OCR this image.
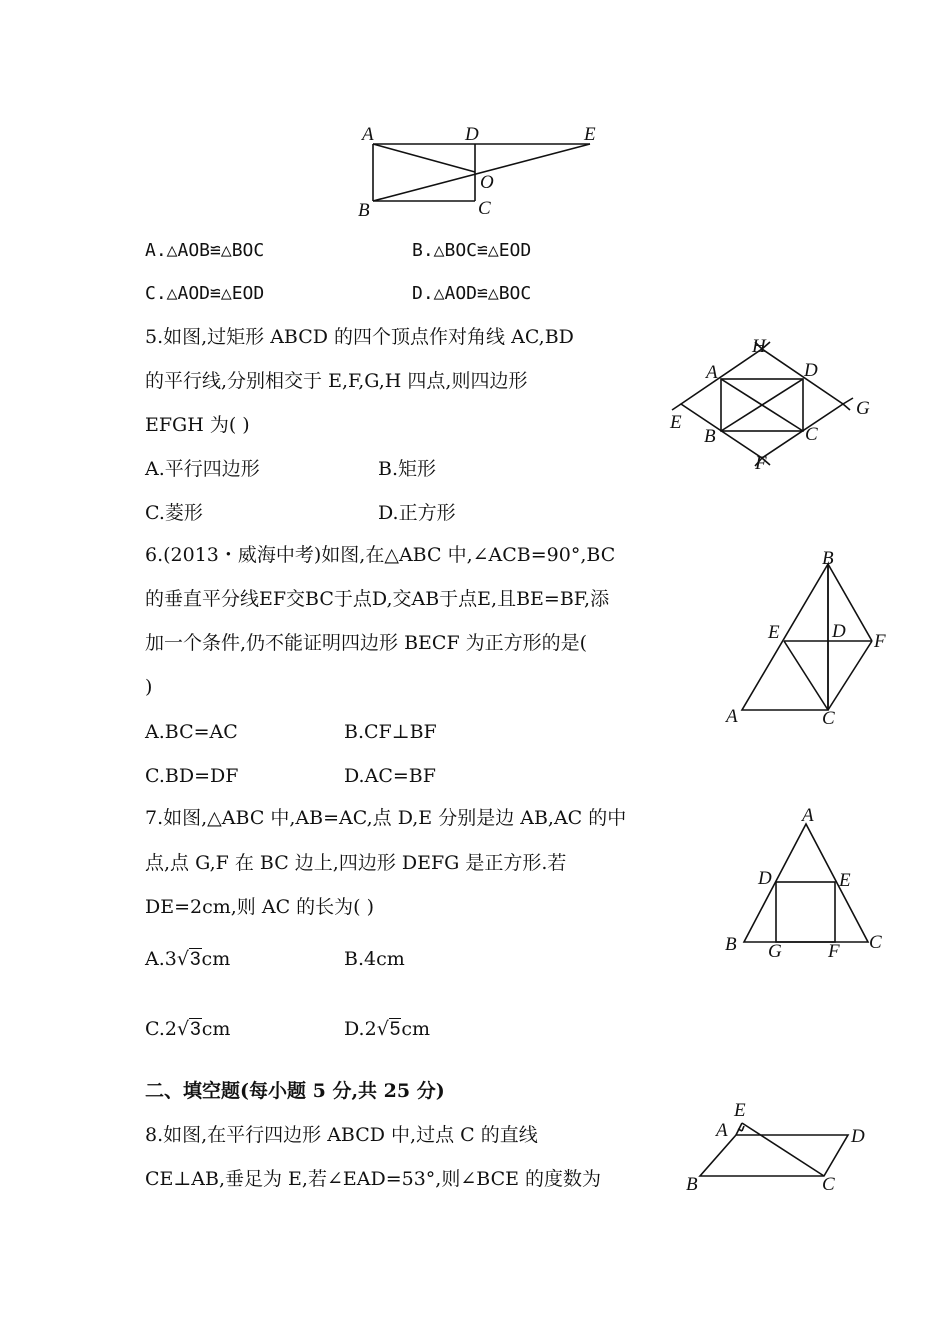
A	D	E
O
B	C
A.△AOB≌△BOC	B.△BOC≌△EOD
C.△AOD≌△EOD	D.△AOD≌△BOC
5.如图,过矩形 ABCD 的四个顶点作对角线 AC,BD
的平行线,分别相交于 E,F,G,H 四点,则四边形
EFGH 为( )
A.平行四边形	B.矩形
C.菱形	D.正方形
H
A	D
G
E
B	C
F
6.(2013・威海中考)如图,在△ABC 中,∠ACB=90°,BC
的垂直平分线EF交BC于点D,交AB于点E,且BE=BF,添
加一个条件,仍不能证明四边形 BECF 为正方形的是(
)
A.BC=AC	B.CF⊥BF
C.BD=DF	D.AC=BF
B
E	D F
A	C
7.如图,△ABC 中,AB=AC,点 D,E 分别是边 AB,AC 的中
点,点 G,F 在 BC 边上,四边形 DEFG 是正方形.若
DE=2cm,则 AC 的长为( )
A.3√3cm	B.4cm
C.2√3cm	D.2√5cm
A
D	E
B G F C
二、填空题(每小题 5 分,共 25 分)
8.如图,在平行四边形 ABCD 中,过点 C 的直线
CE⊥AB,垂足为 E,若∠EAD=53°,则∠BCE 的度数为
E
A	D
B	C
